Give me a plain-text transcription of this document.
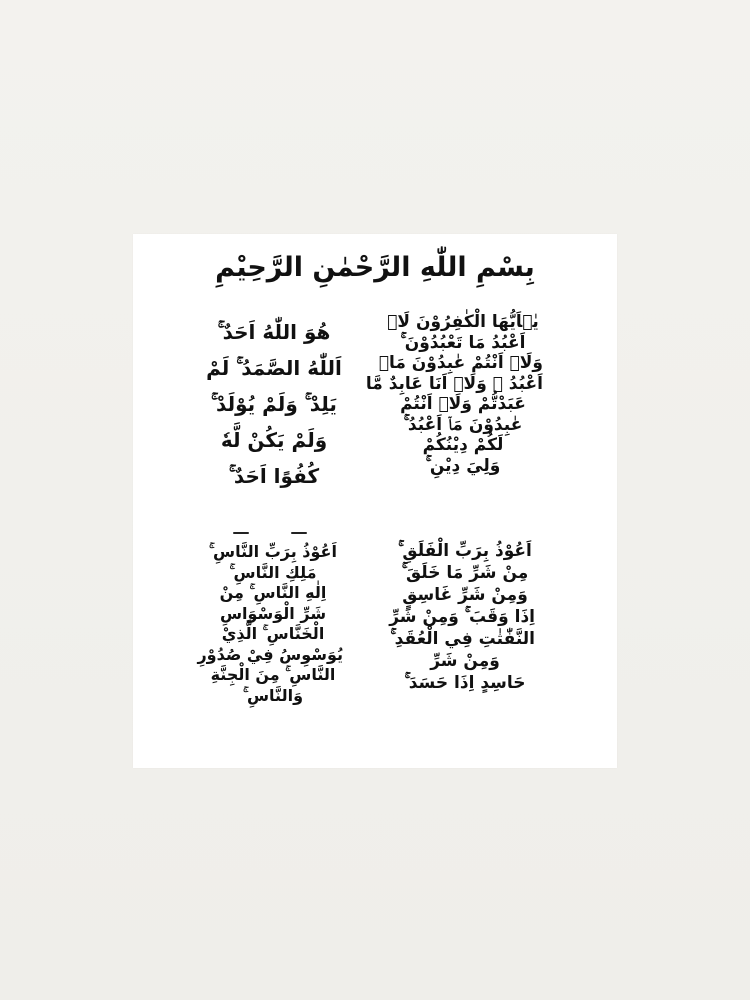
بِسْمِ اللّٰهِ الرَّحْمٰنِ الرَّحِيْمِ
هُوَ اللّٰهُ اَحَدٌ ۚ
اَللّٰهُ الصَّمَدُ ۚ لَمْ
يَلِدْ ۚ وَلَمْ يُوْلَدْ ۚ
وَلَمْ يَكُنْ لَّهٗ
كُفُوًا اَحَدٌ ۚ
يٰۤاَيُّهَا الْكٰفِرُوْنَ لَاۤ
اَعْبُدُ مَا تَعْبُدُوْنَ ۚ
وَلَاۤ اَنْتُمْ عٰبِدُوْنَ مَاۤ
اَعْبُدُ ۚ وَلَاۤ اَنَا عَابِدٌ مَّا
عَبَدْتُّمْ وَلَاۤ اَنْتُمْ
عٰبِدُوْنَ مَاۤ اَعْبُدُ ۚ
لَكُمْ دِيْنُكُمْ
وَلِيَ دِيْنِ ۚ
اَعُوْذُ بِرَبِّ النَّاسِ ۚ
مَلِكِ النَّاسِ ۚ
اِلٰهِ النَّاسِ ۚ مِنْ
شَرِّ الْوَسْوَاسِ
الْخَنَّاسِ ۚ الَّذِيْ
يُوَسْوِسُ فِيْ صُدُوْرِ
النَّاسِ ۚ مِنَ الْجِنَّةِ
وَالنَّاسِ ۚ
اَعُوْذُ بِرَبِّ الْفَلَقِ ۚ
مِنْ شَرِّ مَا خَلَقَ ۚ
وَمِنْ شَرِّ غَاسِقٍ
اِذَا وَقَبَ ۚ وَمِنْ شَرِّ
النَّفّٰثٰتِ فِي الْعُقَدِ ۚ
وَمِنْ شَرِّ
حَاسِدٍ اِذَا حَسَدَ ۚ
